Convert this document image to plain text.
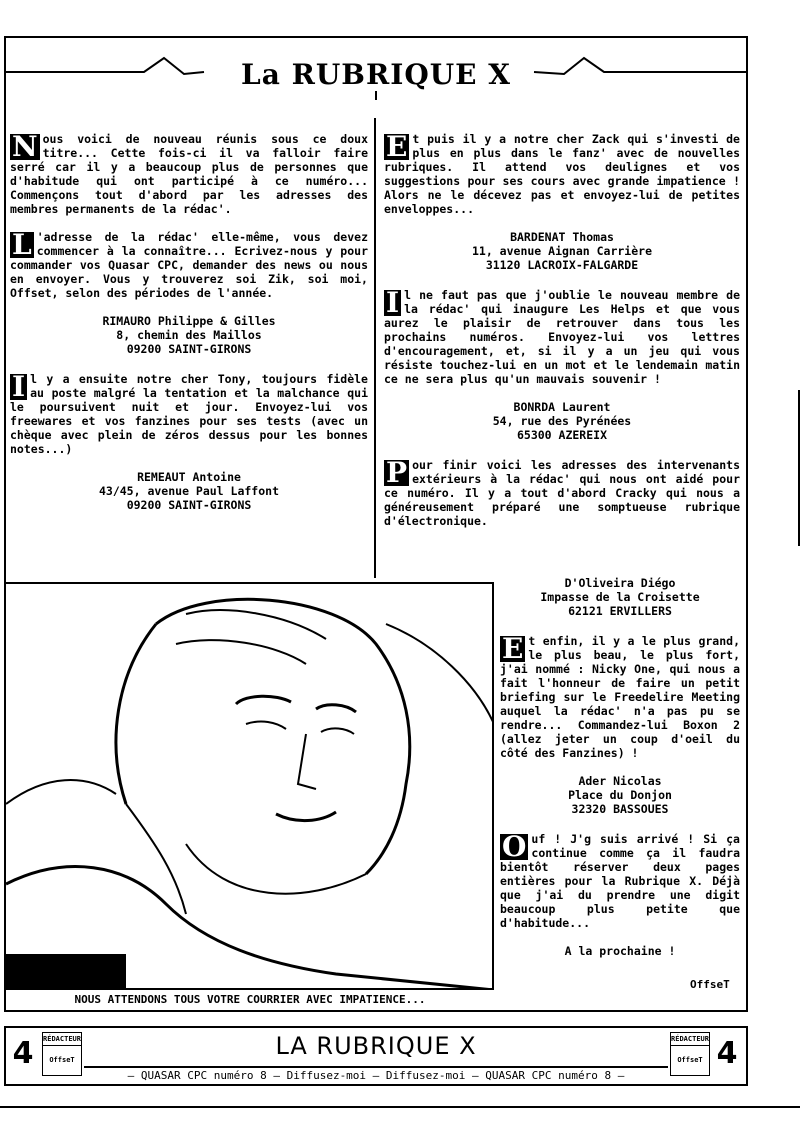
La RUBRIQUE X

N ous voici de nouveau réunis sous ce doux titre... Cette fois-ci il va falloir faire serré car il y a beaucoup plus de personnes que d'habitude qui ont participé à ce numéro... Commençons tout d'abord par les adresses des membres permanents de la rédac'.

L 'adresse de la rédac' elle-même, vous devez commencer à la connaître... Ecrivez-nous y pour commander vos Quasar CPC, demander des news ou nous en envoyer. Vous y trouverez soi Zik, soi moi, Offset, selon des périodes de l'année.

RIMAURO Philippe & Gilles
8, chemin des Maillos
09200 SAINT-GIRONS

I l y a ensuite notre cher Tony, toujours fidèle au poste malgré la tentation et la malchance qui le poursuivent nuit et jour. Envoyez-lui vos freewares et vos fanzines pour ses tests (avec un chèque avec plein de zéros dessus pour les bonnes notes...)

REMEAUT Antoine
43/45, avenue Paul Laffont
09200 SAINT-GIRONS

E t puis il y a notre cher Zack qui s'investi de plus en plus dans le fanz' avec de nouvelles rubriques. Il attend vos deulignes et vos suggestions pour ses cours avec grande impatience ! Alors ne le décevez pas et envoyez-lui de petites enveloppes...

BARDENAT Thomas
11, avenue Aignan Carrière
31120 LACROIX-FALGARDE

I l ne faut pas que j'oublie le nouveau membre de la rédac' qui inaugure Les Helps et que vous aurez le plaisir de retrouver dans tous les prochains numéros. Envoyez-lui vos lettres d'encouragement, et, si il y a un jeu qui vous résiste touchez-lui en un mot et le lendemain matin ce ne sera plus qu'un mauvais souvenir !

BONRDA Laurent
54, rue des Pyrénées
65300 AZEREIX

P our finir voici les adresses des intervenants extérieurs à la rédac' qui nous ont aidé pour ce numéro. Il y a tout d'abord Cracky qui nous a généreusement préparé une somptueuse rubrique d'électronique.

D'Oliveira Diégo
Impasse de la Croisette
62121 ERVILLERS

E t enfin, il y a le plus grand, le plus beau, le plus fort, j'ai nommé : Nicky One, qui nous a fait l'honneur de faire un petit briefing sur le Freedelire Meeting auquel la rédac' n'a pas pu se rendre... Commandez-lui Boxon 2 (allez jeter un coup d'oeil du côté des Fanzines) !

Ader Nicolas
Place du Donjon
32320 BASSOUES

O uf ! J'g suis arrivé ! Si ça continue comme ça il faudra bientôt réserver deux pages entières pour la Rubrique X. Déjà que j'ai du prendre une digit beaucoup plus petite que d'habitude...

A la prochaine !
NOUS ATTENDONS TOUS VOTRE COURRIER AVEC IMPATIENCE...
OffseT
4	RÉDACTEUR
OffseT	LA RUBRIQUE X
— QUASAR CPC numéro 8 — Diffusez-moi — Diffusez-moi — QUASAR CPC numéro 8 —
RÉDACTEUR
OffseT 4
